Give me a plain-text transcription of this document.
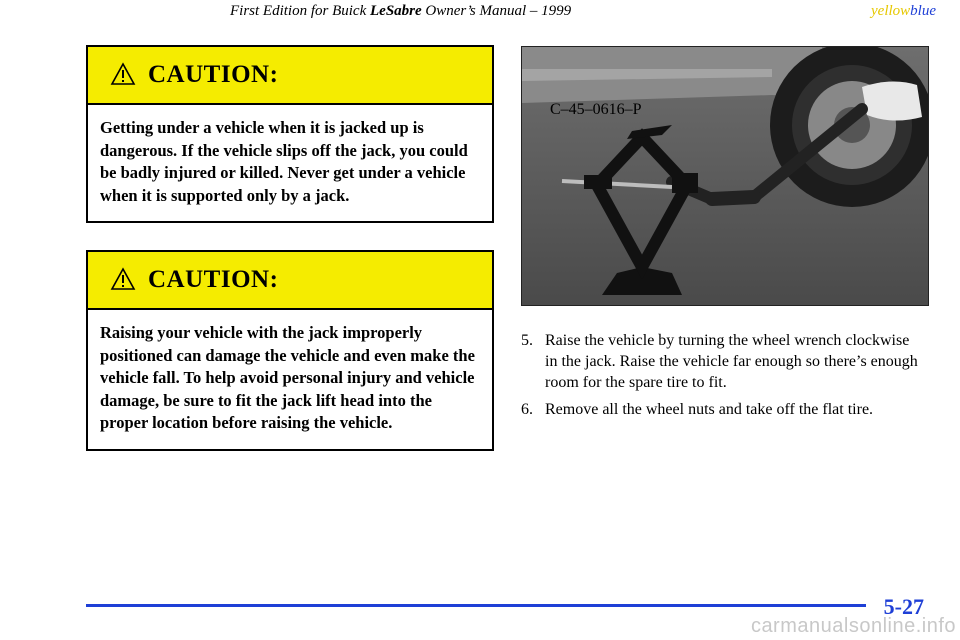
First Edition for Buick LeSabre Owner’s Manual – 1999	yellowblue
CAUTION:
Getting under a vehicle when it is jacked up is dangerous. If the vehicle slips off the jack, you could be badly injured or killed. Never get under a vehicle when it is supported only by a jack.
CAUTION:
Raising your vehicle with the jack improperly positioned can damage the vehicle and even make the vehicle fall. To help avoid personal injury and vehicle damage, be sure to fit the jack lift head into the proper location before raising the vehicle.
C–45–0616–P
5. Raise the vehicle by turning the wheel wrench clockwise in the jack. Raise the vehicle far enough so there’s enough room for the spare tire to fit.
6. Remove all the wheel nuts and take off the flat tire.
5-27
carmanualsonline.info
